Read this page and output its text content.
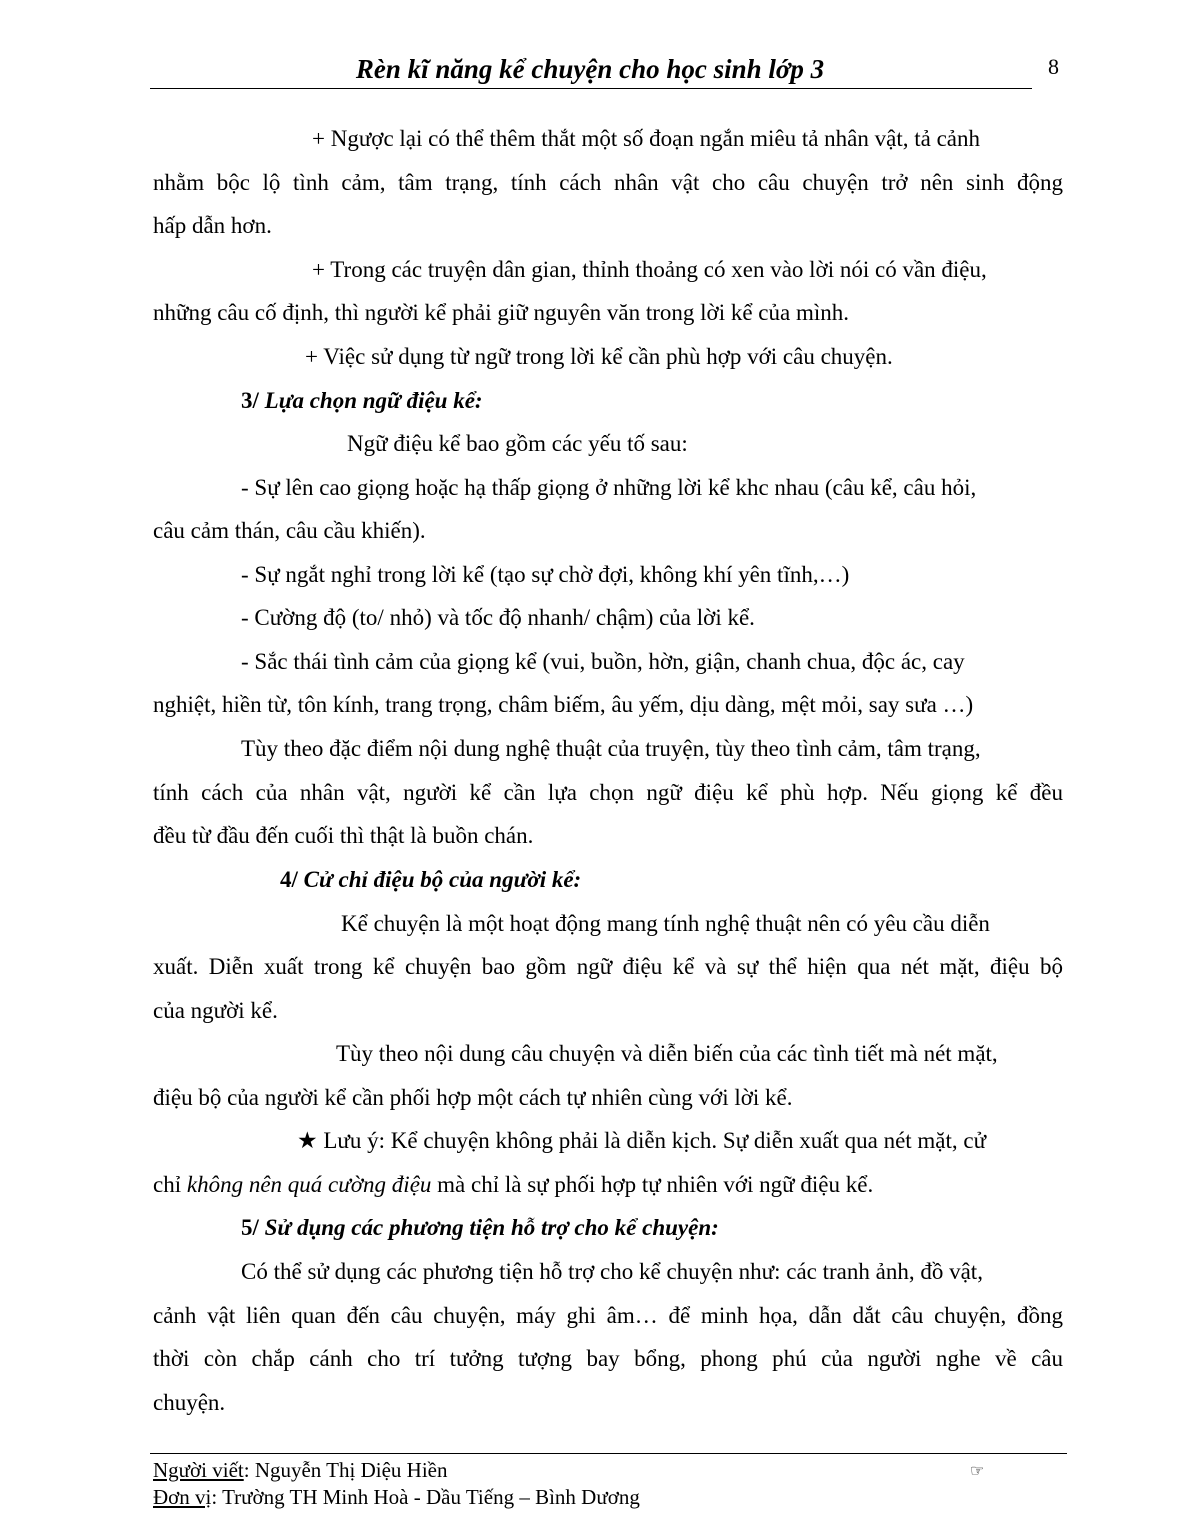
Rèn kĩ năng kể chuyện cho học sinh lớp 3	8
+ Ngược lại có thể thêm thắt một số đoạn ngắn miêu tả nhân vật, tả cảnh
nhằm bộc lộ tình cảm, tâm trạng, tính cách nhân vật cho câu chuyện trở nên sinh động
hấp dẫn hơn.
+ Trong các truyện dân gian, thỉnh thoảng có xen vào lời nói có vần điệu,
những câu cố định, thì người kể phải giữ nguyên văn trong lời kể của mình.
+ Việc sử dụng từ ngữ trong lời kể cần phù hợp với câu chuyện.
3/ Lựa chọn ngữ điệu kể:
Ngữ điệu kể bao gồm các yếu tố sau:
- Sự lên cao giọng hoặc hạ thấp giọng ở những lời kể khc nhau (câu kể, câu hỏi,
câu cảm thán, câu cầu khiến).
- Sự ngắt nghỉ trong lời kể (tạo sự chờ đợi, không khí yên tĩnh,…)
- Cường độ (to/ nhỏ) và tốc độ nhanh/ chậm) của lời kể.
- Sắc thái tình cảm của giọng kể (vui, buồn, hờn, giận, chanh chua, độc ác, cay
nghiệt, hiền từ, tôn kính, trang trọng, châm biếm, âu yếm, dịu dàng, mệt mỏi, say sưa …)
Tùy theo đặc điểm nội dung nghệ thuật của truyện, tùy theo tình cảm, tâm trạng,
tính cách của nhân vật, người kể cần lựa chọn ngữ điệu kể phù hợp. Nếu giọng kể đều
đều từ đầu đến cuối thì thật là buồn chán.
4/ Cử chỉ điệu bộ của người kể:
Kể chuyện là một hoạt động mang tính nghệ thuật nên có yêu cầu diễn
xuất. Diễn xuất trong kể chuyện bao gồm ngữ điệu kể và sự thể hiện qua nét mặt, điệu bộ
của người kể.
Tùy theo nội dung câu chuyện và diễn biến của các tình tiết mà nét mặt,
điệu bộ của người kể cần phối hợp một cách tự nhiên cùng với lời kể.
★ Lưu ý: Kể chuyện không phải là diễn kịch. Sự diễn xuất qua nét mặt, cử
chỉ không nên quá cường điệu mà chỉ là sự phối hợp tự nhiên với ngữ điệu kể.
5/ Sử dụng các phương tiện hỗ trợ cho kể chuyện:
Có thể sử dụng các phương tiện hỗ trợ cho kể chuyện như: các tranh ảnh, đồ vật,
cảnh vật liên quan đến câu chuyện, máy ghi âm… để minh họa, dẫn dắt câu chuyện, đồng
thời còn chắp cánh cho trí tưởng tượng bay bổng, phong phú của người nghe về câu
chuyện.
Người viết: Nguyễn Thị Diệu Hiền	☞
Đơn vị: Trường TH Minh Hoà - Dầu Tiếng – Bình Dương
